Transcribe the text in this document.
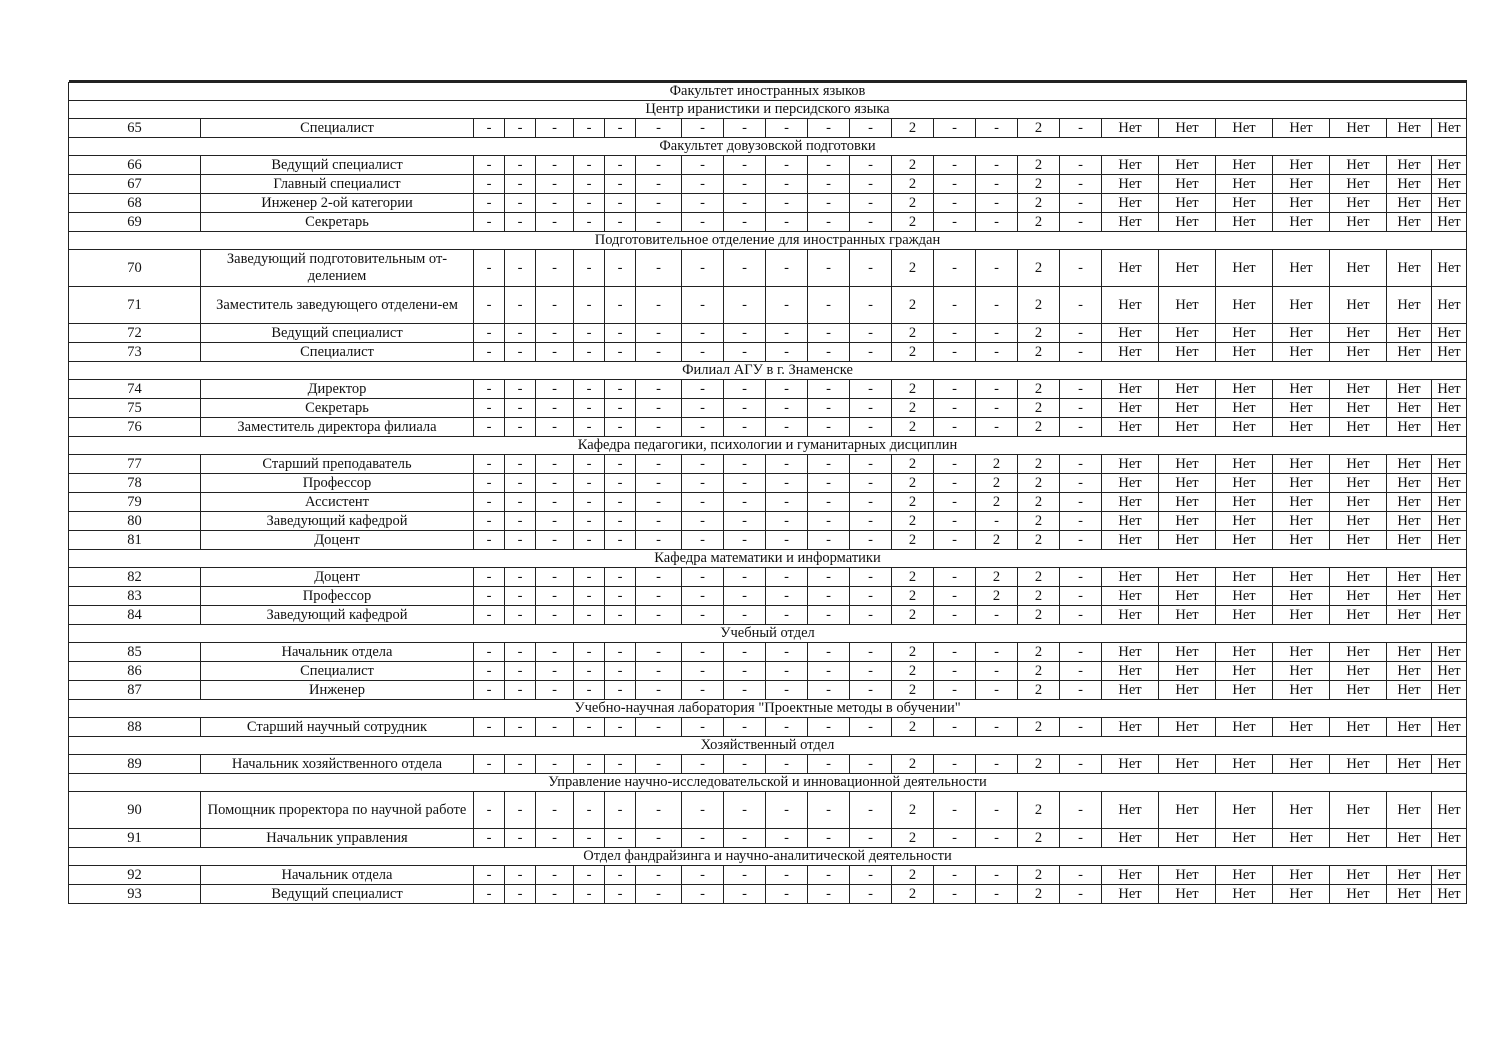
Факультет иностранных языков																								
Центр иранистики и персидского языка																								
65	Специалист	-	-	-	-	-	-	-	-	-	-	-	2	-	-	2	-	Нет	Нет	Нет	Нет	Нет	Нет	Нет
Факультет довузовской подготовки																								
66	Ведущий специалист	-	-	-	-	-	-	-	-	-	-	-	2	-	-	2	-	Нет	Нет	Нет	Нет	Нет	Нет	Нет
67	Главный специалист	-	-	-	-	-	-	-	-	-	-	-	2	-	-	2	-	Нет	Нет	Нет	Нет	Нет	Нет	Нет
68	Инженер 2-ой категории	-	-	-	-	-	-	-	-	-	-	-	2	-	-	2	-	Нет	Нет	Нет	Нет	Нет	Нет	Нет
69	Секретарь	-	-	-	-	-	-	-	-	-	-	-	2	-	-	2	-	Нет	Нет	Нет	Нет	Нет	Нет	Нет
Подготовительное отделение для иностранных граждан																								
70	Заведующий подготовительным от-делением	-	-	-	-	-	-	-	-	-	-	-	2	-	-	2	-	Нет	Нет	Нет	Нет	Нет	Нет	Нет
71	Заместитель заведующего отделени-ем	-	-	-	-	-	-	-	-	-	-	-	2	-	-	2	-	Нет	Нет	Нет	Нет	Нет	Нет	Нет
72	Ведущий специалист	-	-	-	-	-	-	-	-	-	-	-	2	-	-	2	-	Нет	Нет	Нет	Нет	Нет	Нет	Нет
73	Специалист	-	-	-	-	-	-	-	-	-	-	-	2	-	-	2	-	Нет	Нет	Нет	Нет	Нет	Нет	Нет
Филиал АГУ в г. Знаменске																								
74	Директор	-	-	-	-	-	-	-	-	-	-	-	2	-	-	2	-	Нет	Нет	Нет	Нет	Нет	Нет	Нет
75	Секретарь	-	-	-	-	-	-	-	-	-	-	-	2	-	-	2	-	Нет	Нет	Нет	Нет	Нет	Нет	Нет
76	Заместитель директора филиала	-	-	-	-	-	-	-	-	-	-	-	2	-	-	2	-	Нет	Нет	Нет	Нет	Нет	Нет	Нет
Кафедра педагогики, психологии и гуманитарных дисциплин																								
77	Старший преподаватель	-	-	-	-	-	-	-	-	-	-	-	2	-	2	2	-	Нет	Нет	Нет	Нет	Нет	Нет	Нет
78	Профессор	-	-	-	-	-	-	-	-	-	-	-	2	-	2	2	-	Нет	Нет	Нет	Нет	Нет	Нет	Нет
79	Ассистент	-	-	-	-	-	-	-	-	-	-	-	2	-	2	2	-	Нет	Нет	Нет	Нет	Нет	Нет	Нет
80	Заведующий кафедрой	-	-	-	-	-	-	-	-	-	-	-	2	-	-	2	-	Нет	Нет	Нет	Нет	Нет	Нет	Нет
81	Доцент	-	-	-	-	-	-	-	-	-	-	-	2	-	2	2	-	Нет	Нет	Нет	Нет	Нет	Нет	Нет
Кафедра математики и информатики																								
82	Доцент	-	-	-	-	-	-	-	-	-	-	-	2	-	2	2	-	Нет	Нет	Нет	Нет	Нет	Нет	Нет
83	Профессор	-	-	-	-	-	-	-	-	-	-	-	2	-	2	2	-	Нет	Нет	Нет	Нет	Нет	Нет	Нет
84	Заведующий кафедрой	-	-	-	-	-	-	-	-	-	-	-	2	-	-	2	-	Нет	Нет	Нет	Нет	Нет	Нет	Нет
Учебный отдел																								
85	Начальник отдела	-	-	-	-	-	-	-	-	-	-	-	2	-	-	2	-	Нет	Нет	Нет	Нет	Нет	Нет	Нет
86	Специалист	-	-	-	-	-	-	-	-	-	-	-	2	-	-	2	-	Нет	Нет	Нет	Нет	Нет	Нет	Нет
87	Инженер	-	-	-	-	-	-	-	-	-	-	-	2	-	-	2	-	Нет	Нет	Нет	Нет	Нет	Нет	Нет
Учебно-научная лаборатория "Проектные методы в обучении"																								
88	Старший научный сотрудник	-	-	-	-	-	-	-	-	-	-	-	2	-	-	2	-	Нет	Нет	Нет	Нет	Нет	Нет	Нет
Хозяйственный отдел																								
89	Начальник хозяйственного отдела	-	-	-	-	-	-	-	-	-	-	-	2	-	-	2	-	Нет	Нет	Нет	Нет	Нет	Нет	Нет
Управление научно-исследовательской и инновационной деятельности																								
90	Помощник проректора по научной работе	-	-	-	-	-	-	-	-	-	-	-	2	-	-	2	-	Нет	Нет	Нет	Нет	Нет	Нет	Нет
91	Начальник управления	-	-	-	-	-	-	-	-	-	-	-	2	-	-	2	-	Нет	Нет	Нет	Нет	Нет	Нет	Нет
Отдел фандрайзинга и научно-аналитической деятельности																								
92	Начальник отдела	-	-	-	-	-	-	-	-	-	-	-	2	-	-	2	-	Нет	Нет	Нет	Нет	Нет	Нет	Нет
93	Ведущий специалист	-	-	-	-	-	-	-	-	-	-	-	2	-	-	2	-	Нет	Нет	Нет	Нет	Нет	Нет	Нет
